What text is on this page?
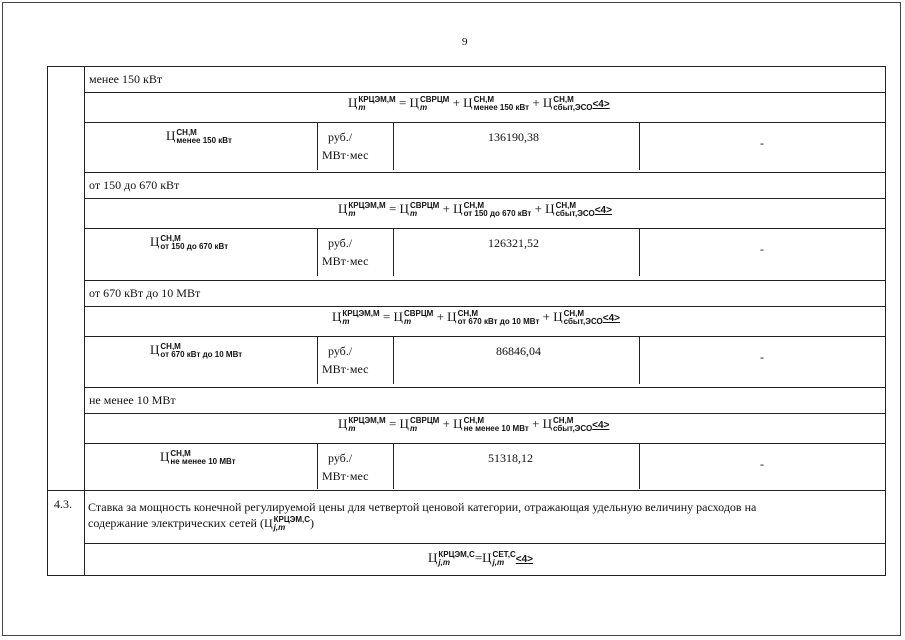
9
менее 150 кВт
Ц КРЦЭМ,М
m	= Ц СВРЦМ
m	+ Ц СН,М
менее 150 кВт + Ц СН,М
сбыт,ЭСО <4>
Ц СН,М
менее 150 кВт	руб./
МВт·мес
136190,38	-
от 150 до 670 кВт
Ц КРЦЭМ,М
m	= Ц СВРЦМ
m	+ Ц СН,М
от 150 до 670 кВт + Ц СН,М
сбыт,ЭСО <4>
Ц СН,М
от 150 до 670 кВт	руб./
МВт·мес
126321,52	-
от 670 кВт до 10 МВт
Ц КРЦЭМ,М
m	= Ц СВРЦМ
m	+ Ц СН,М
от 670 кВт до 10 МВт + Ц СН,М
сбыт,ЭСО <4>
Ц СН,М
от 670 кВт до 10 МВт	руб./
МВт·мес
86846,04	-
не менее 10 МВт
Ц КРЦЭМ,М
m	= Ц СВРЦМ
m	+ Ц СН,М
не менее 10 МВт + Ц СН,М
сбыт,ЭСО <4>
Ц СН,М
не менее 10 МВт	руб./
МВт·мес
51318,12	-
4.3. Ставка за мощность конечной регулируемой цены для четвертой ценовой категории, отражающая удельную величину расходов на
содержание электрических сетей (Ц КРЦЭМ,С
j,m	)
Ц КРЦЭМ,С
j,m	=Ц СЕТ,С
j,m	<4>
